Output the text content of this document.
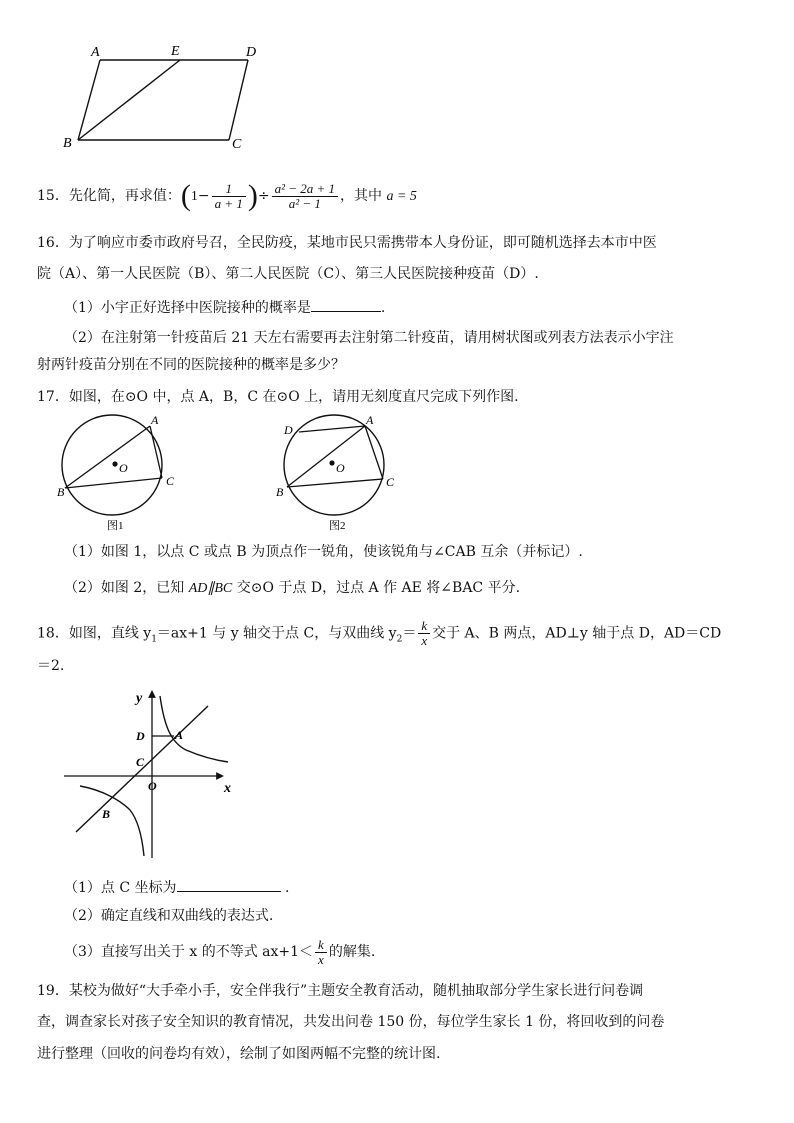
A	E	D
B	C
15．先化简，再求值：($1- \frac{1}{a + 1}$ )÷ $\frac{\text{a² − 2a + 1}}{\text{a² − 1}}$ ，其中 a = 5
16．为了响应市委市政府号召，全民防疫，某地市民只需携带本人身份证，即可随机选择去本市中医
院（A）、第一人民医院（B）、第二人民医院（C）、第三人民医院接种疫苗（D）.
（1）小宇正好选择中医院接种的概率是	.
（2）在注射第一针疫苗后 21 天左右需要再去注射第二针疫苗，请用树状图或列表方法表示小宇注
射两针疫苗分别在不同的医院接种的概率是多少？
17．如图，在⊙O 中，点 A，B，C 在⊙O 上，请用无刻度直尺完成下列作图.
A
O
B
C
图1
D
A
O
B
C
图2
（1）如图 1，以点 C 或点 B 为顶点作一锐角，使该锐角与∠CAB 互余（并标记）.
（2）如图 2，已知 AD∥BC 交⊙O 于点 D，过点 A 作 AE 将∠BAC 平分.
18．如图，直线 $y_1=ax+1$ 与 y 轴交于点 C，与双曲线 $y_2= \frac{k}{x}$ 交于 A、B 两点，AD⊥y 轴于点 D，AD＝CD
＝2.
y
x
D	A
C
O
B
（1）点 C 坐标为	.
（2）确定直线和双曲线的表达式.
（3）直接写出关于 x 的不等式 $ax+1< \frac{k}{x}$ 的解集.
19．某校为做好“大手牵小手，安全伴我行”主题安全教育活动，随机抽取部分学生家长进行问卷调
查，调查家长对孩子安全知识的教育情况，共发出问卷 150 份，每位学生家长 1 份，将回收到的问卷
进行整理（回收的问卷均有效），绘制了如图两幅不完整的统计图.
